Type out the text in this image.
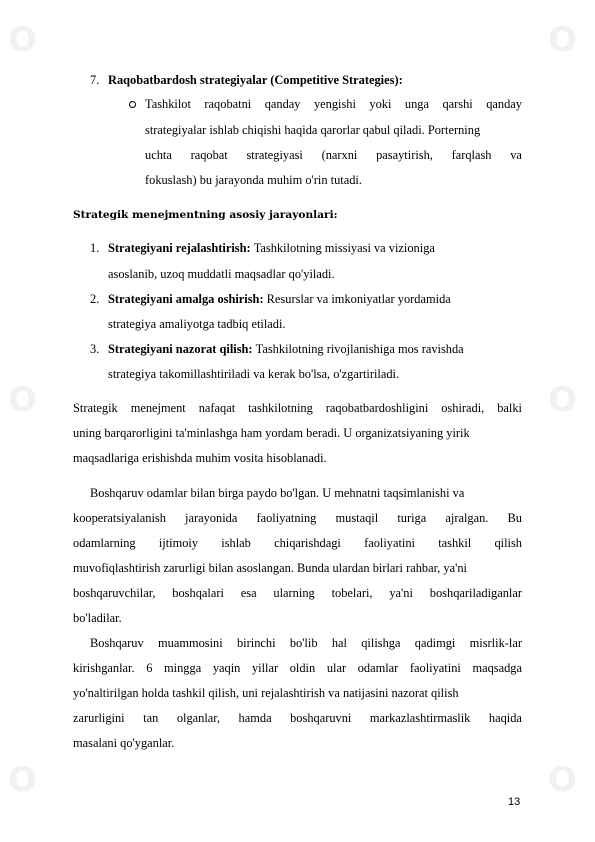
O	O
O	O
O	O
7. Raqobatbardosh strategiyalar (Competitive Strategies):
Tashkilot raqobatni qanday yengishi yoki unga qarshi qanday
strategiyalar ishlab chiqishi haqida qarorlar qabul qiladi. Porterning
uchta raqobat strategiyasi (narxni pasaytirish, farqlash va
fokuslash) bu jarayonda muhim o'rin tutadi.
Strategik menejmentning asosiy jarayonlari:
1. Strategiyani rejalashtirish: Tashkilotning missiyasi va vizioniga
asoslanib, uzoq muddatli maqsadlar qo'yiladi.
2. Strategiyani amalga oshirish: Resurslar va imkoniyatlar yordamida
strategiya amaliyotga tadbiq etiladi.
3. Strategiyani nazorat qilish: Tashkilotning rivojlanishiga mos ravishda
strategiya takomillashtiriladi va kerak bo'lsa, o'zgartiriladi.
Strategik menejment nafaqat tashkilotning raqobatbardoshligini oshiradi, balki
uning barqarorligini ta'minlashga ham yordam beradi. U organizatsiyaning yirik
maqsadlariga erishishda muhim vosita hisoblanadi.
Boshqaruv odamlar bilan birga paydo bo'lgan. U mehnatni taqsimlanishi va
kooperatsiyalanish jarayonida faoliyatning mustaqil turiga ajralgan. Bu
odamlarning ijtimoiy ishlab chiqarishdagi faoliyatini tashkil qilish
muvofiqlashtirish zarurligi bilan asoslangan. Bunda ulardan birlari rahbar, ya'ni
boshqaruvchilar, boshqalari esa ularning tobelari, ya'ni boshqariladiganlar
bo'ladilar.
Boshqaruv muammosini birinchi bo'lib hal qilishga qadimgi misrlik-lar
kirishganlar. 6 mingga yaqin yillar oldin ular odamlar faoliyatini maqsadga
yo'naltirilgan holda tashkil qilish, uni rejalashtirish va natijasini nazorat qilish
zarurligini tan olganlar, hamda boshqaruvni markazlashtirmaslik haqida
masalani qo'yganlar.
13
